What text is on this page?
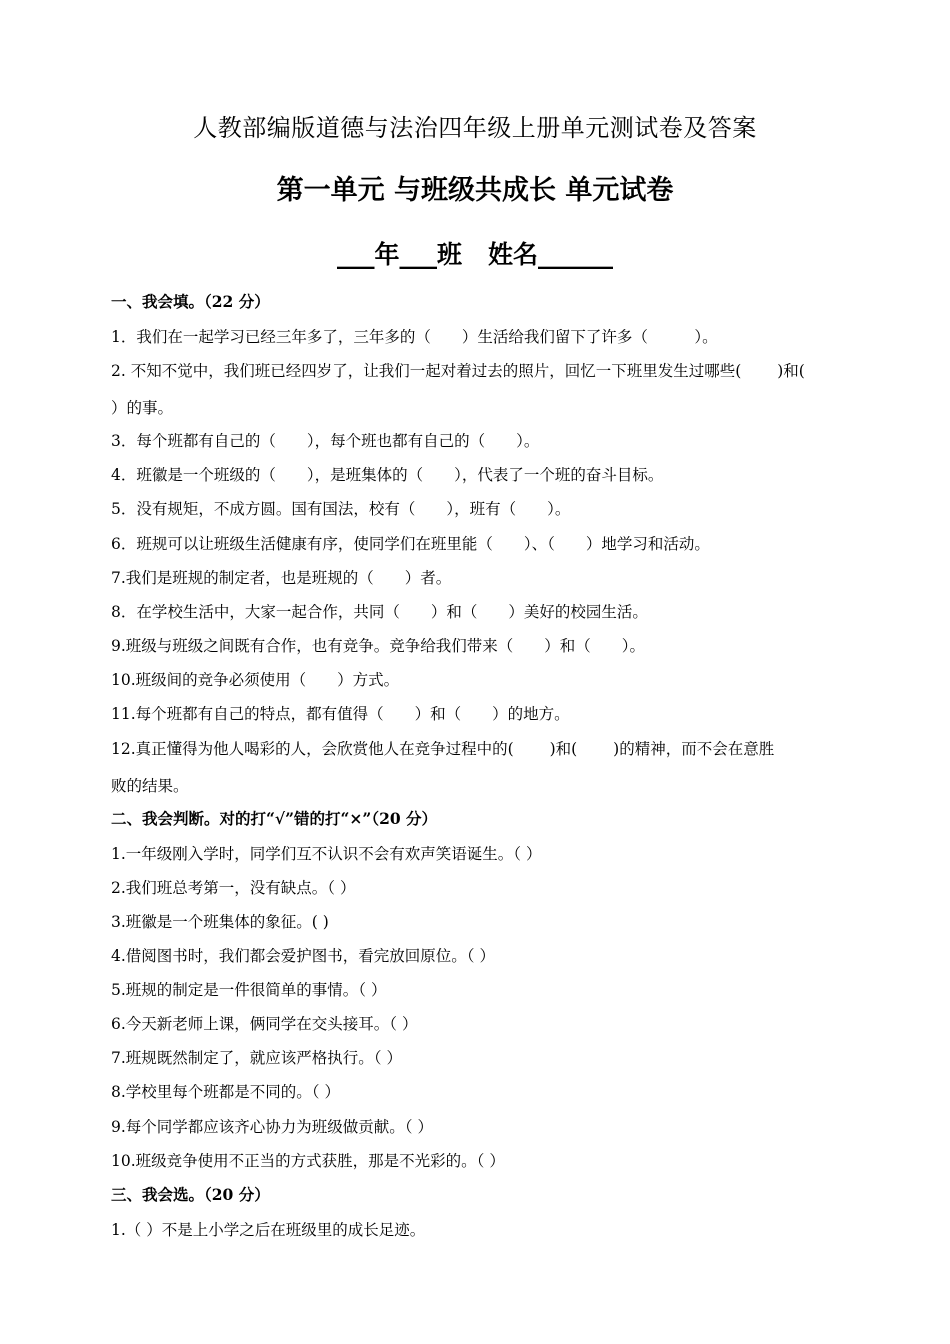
人教部编版道德与法治四年级上册单元测试卷及答案
第一单元 与班级共成长 单元试卷
___年___班 姓名______
一、我会填。（22 分）
1．我们在一起学习已经三年多了，三年多的（　　）生活给我们留下了许多（　　　）。
2. 不知不觉中，我们班已经四岁了，让我们一起对着过去的照片，回忆一下班里发生过哪些(　　 )和(
）的事。
3．每个班都有自己的（　　），每个班也都有自己的（　　）。
4．班徽是一个班级的（　　），是班集体的（　　），代表了一个班的奋斗目标。
5．没有规矩，不成方圆。国有国法，校有（　　），班有（　　）。
6．班规可以让班级生活健康有序，使同学们在班里能（　　）、（　　）地学习和活动。
7.我们是班规的制定者，也是班规的（　　）者。
8．在学校生活中，大家一起合作，共同（　　）和（　　）美好的校园生活。
9.班级与班级之间既有合作，也有竞争。竞争给我们带来（　　）和（　　）。
10.班级间的竞争必须使用（　　）方式。
11.每个班都有自己的特点，都有值得（　　）和（　　）的地方。
12.真正懂得为他人喝彩的人，会欣赏他人在竞争过程中的(　　 )和(　　 )的精神，而不会在意胜
败的结果。
二、我会判断。对的打“√”错的打“×”（20 分）
1.一年级刚入学时，同学们互不认识不会有欢声笑语诞生。（ ）
2.我们班总考第一，没有缺点。（ ）
3.班徽是一个班集体的象征。( )
4.借阅图书时，我们都会爱护图书，看完放回原位。（ ）
5.班规的制定是一件很简单的事情。（ ）
6.今天新老师上课，俩同学在交头接耳。（ ）
7.班规既然制定了，就应该严格执行。（ ）
8.学校里每个班都是不同的。（ ）
9.每个同学都应该齐心协力为班级做贡献。（ ）
10.班级竞争使用不正当的方式获胜，那是不光彩的。（ ）
三、我会选。（20 分）
1.（ ）不是上小学之后在班级里的成长足迹。
